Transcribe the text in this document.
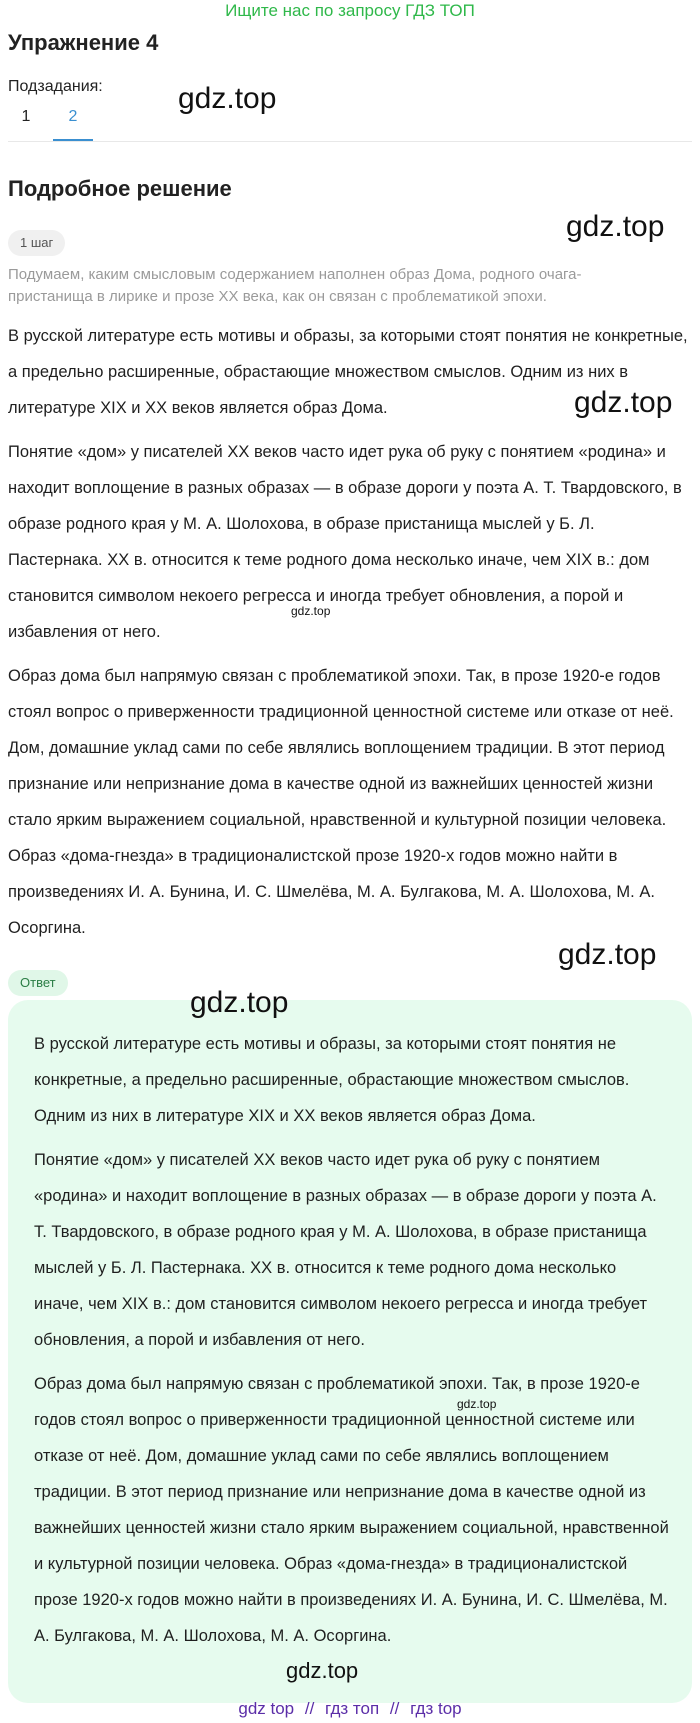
Ищите нас по запросу ГДЗ ТОП
Упражнение 4
Подзадания:
1	2
Подробное решение
1 шаг
Подумаем, каким смысловым содержанием наполнен образ Дома, родного очага-пристанища в лирике и прозе XX века, как он связан с проблематикой эпохи.

В русской литературе есть мотивы и образы, за которыми стоят понятия не конкретные, а предельно расширенные, обрастающие множеством смыслов. Одним из них в литературе XIX и XX веков является образ Дома.

Понятие «дом» у писателей XX веков часто идет рука об руку с понятием «родина» и находит воплощение в разных образах — в образе дороги у поэта А. Т. Твардовского, в образе родного края у М. А. Шолохова, в образе пристанища мыслей у Б. Л. Пастернака. XX в. относится к теме родного дома несколько иначе, чем XIX в.: дом становится символом некоего регресса и иногда требует обновления, а порой и избавления от него.

Образ дома был напрямую связан с проблематикой эпохи. Так, в прозе 1920-е годов стоял вопрос о приверженности традиционной ценностной системе или отказе от неё. Дом, домашние уклад сами по себе являлись воплощением традиции. В этот период признание или непризнание дома в качестве одной из важнейших ценностей жизни стало ярким выражением социальной, нравственной и культурной позиции человека. Образ «дома-гнезда» в традиционалистской прозе 1920-х годов можно найти в произведениях И. А. Бунина, И. С. Шмелёва, М. А. Булгакова, М. А. Шолохова, М. А. Осоргина.

Ответ

В русской литературе есть мотивы и образы, за которыми стоят понятия не конкретные, а предельно расширенные, обрастающие множеством смыслов. Одним из них в литературе XIX и XX веков является образ Дома.

Понятие «дом» у писателей XX веков часто идет рука об руку с понятием «родина» и находит воплощение в разных образах — в образе дороги у поэта А. Т. Твардовского, в образе родного края у М. А. Шолохова, в образе пристанища мыслей у Б. Л. Пастернака. XX в. относится к теме родного дома несколько иначе, чем XIX в.: дом становится символом некоего регресса и иногда требует обновления, а порой и избавления от него.

Образ дома был напрямую связан с проблематикой эпохи. Так, в прозе 1920-е годов стоял вопрос о приверженности традиционной ценностной системе или отказе от неё. Дом, домашние уклад сами по себе являлись воплощением традиции. В этот период признание или непризнание дома в качестве одной из важнейших ценностей жизни стало ярким выражением социальной, нравственной и культурной позиции человека. Образ «дома-гнезда» в традиционалистской прозе 1920-х годов можно найти в произведениях И. А. Бунина, И. С. Шмелёва, М. А. Булгакова, М. А. Шолохова, М. А. Осоргина.

gdz.top
gdz.top
gdz.top
gdz.top
gdz.top
gdz.top
gdz.top
gdz.top
gdz top // гдз топ // гдз top
